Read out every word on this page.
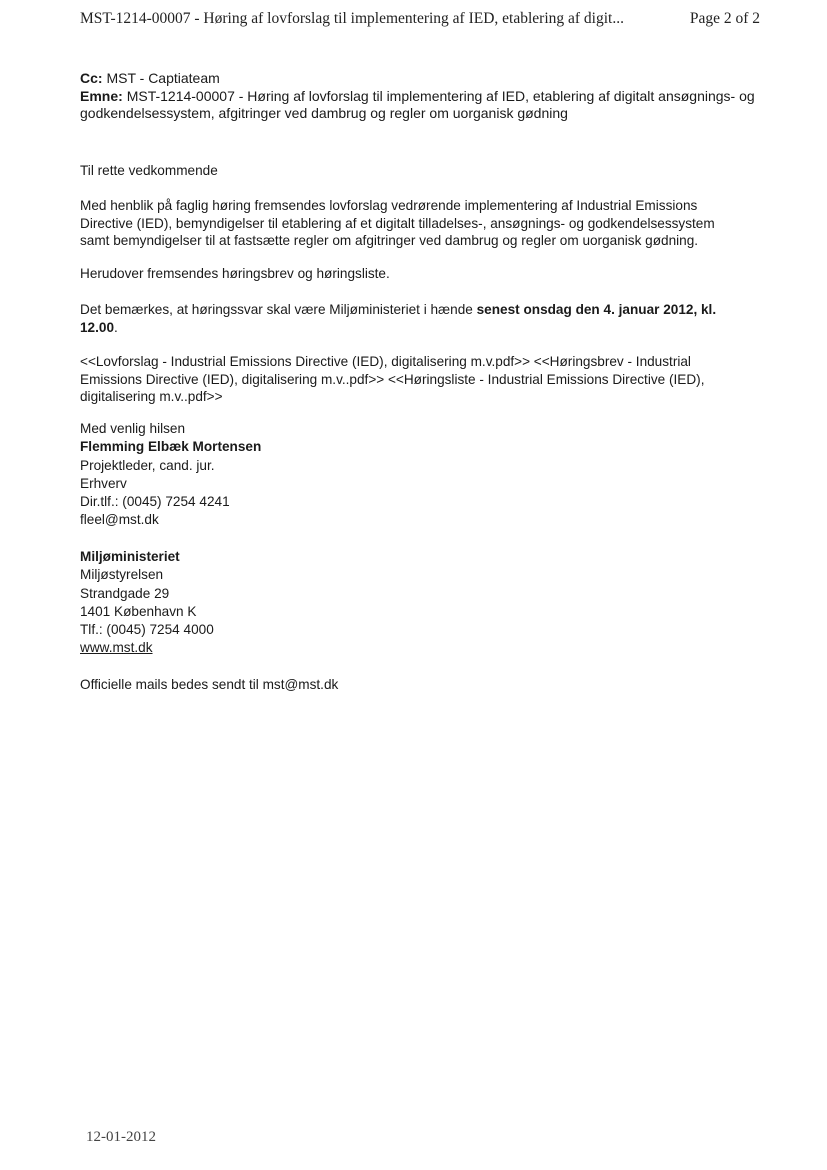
MST-1214-00007 - Høring af lovforslag til implementering af IED, etablering af digit...	Page 2 of 2
Cc: MST - Captiateam
Emne: MST-1214-00007 - Høring af lovforslag til implementering af IED, etablering af digitalt ansøgnings- og
godkendelsessystem, afgitringer ved dambrug og regler om uorganisk gødning
Til rette vedkommende
Med henblik på faglig høring fremsendes lovforslag vedrørende implementering af Industrial Emissions
Directive (IED), bemyndigelser til etablering af et digitalt tilladelses-, ansøgnings- og godkendelsessystem
samt bemyndigelser til at fastsætte regler om afgitringer ved dambrug og regler om uorganisk gødning.
Herudover fremsendes høringsbrev og høringsliste.
Det bemærkes, at høringssvar skal være Miljøministeriet i hænde senest onsdag den 4. januar 2012, kl.
12.00.
<<Lovforslag - Industrial Emissions Directive (IED), digitalisering m.v.pdf>> <<Høringsbrev - Industrial
Emissions Directive (IED), digitalisering m.v..pdf>> <<Høringsliste - Industrial Emissions Directive (IED),
digitalisering m.v..pdf>>
Med venlig hilsen
Flemming Elbæk Mortensen
Projektleder, cand. jur.
Erhverv
Dir.tlf.: (0045) 7254 4241
fleel@mst.dk
Miljøministeriet
Miljøstyrelsen
Strandgade 29
1401 København K
Tlf.: (0045) 7254 4000
www.mst.dk
Officielle mails bedes sendt til mst@mst.dk
12-01-2012
